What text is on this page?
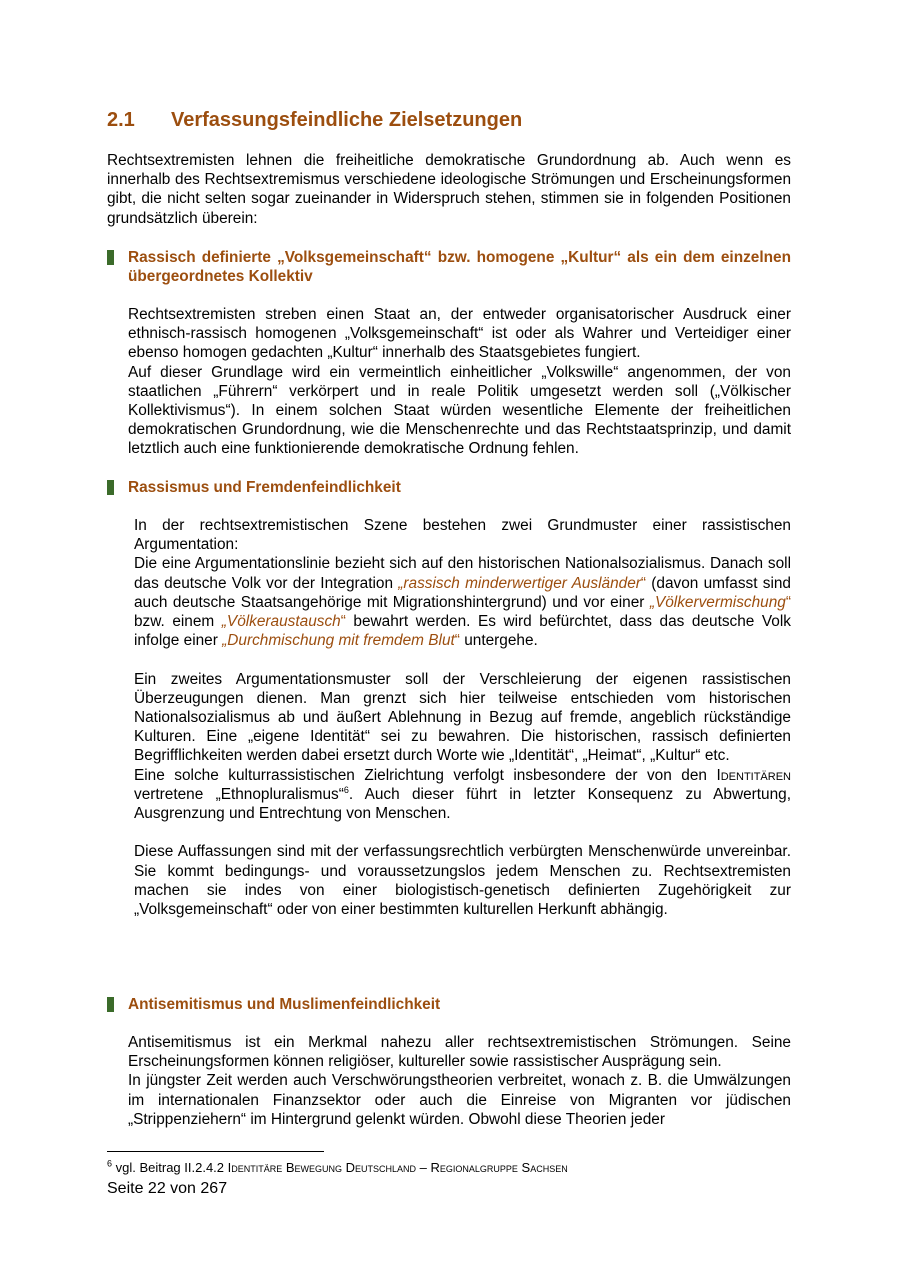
2.1 Verfassungsfeindliche Zielsetzungen

Rechtsextremisten lehnen die freiheitliche demokratische Grundordnung ab. Auch wenn es innerhalb des Rechtsextremismus verschiedene ideologische Strömungen und Erscheinungsformen gibt, die nicht selten sogar zueinander in Widerspruch stehen, stimmen sie in folgenden Positionen grundsätzlich überein:

Rassisch definierte „Volksgemeinschaft“ bzw. homogene „Kultur“ als ein dem einzelnen übergeordnetes Kollektiv

Rechtsextremisten streben einen Staat an, der entweder organisatorischer Ausdruck einer ethnisch-rassisch homogenen „Volksgemeinschaft“ ist oder als Wahrer und Verteidiger einer ebenso homogen gedachten „Kultur“ innerhalb des Staatsgebietes fungiert.

Auf dieser Grundlage wird ein vermeintlich einheitlicher „Volkswille“ angenommen, der von staatlichen „Führern“ verkörpert und in reale Politik umgesetzt werden soll („Völkischer Kollektivismus“). In einem solchen Staat würden wesentliche Elemente der freiheitlichen demokratischen Grundordnung, wie die Menschenrechte und das Rechtstaatsprinzip, und damit letztlich auch eine funktionierende demokratische Ordnung fehlen.

Rassismus und Fremdenfeindlichkeit

In der rechtsextremistischen Szene bestehen zwei Grundmuster einer rassistischen Argumentation:

Die eine Argumentationslinie bezieht sich auf den historischen Nationalsozialismus. Danach soll das deutsche Volk vor der Integration „rassisch minderwertiger Ausländer“ (davon umfasst sind auch deutsche Staatsangehörige mit Migrationshintergrund) und vor einer „Völkervermischung“ bzw. einem „Völkeraustausch“ bewahrt werden. Es wird befürchtet, dass das deutsche Volk infolge einer „Durchmischung mit fremdem Blut“ untergehe.

Ein zweites Argumentationsmuster soll der Verschleierung der eigenen rassistischen Überzeugungen dienen. Man grenzt sich hier teilweise entschieden vom historischen Nationalsozialismus ab und äußert Ablehnung in Bezug auf fremde, angeblich rückständige Kulturen. Eine „eigene Identität“ sei zu bewahren. Die historischen, rassisch definierten Begrifflichkeiten werden dabei ersetzt durch Worte wie „Identität“, „Heimat“, „Kultur“ etc.

Eine solche kulturrassistischen Zielrichtung verfolgt insbesondere der von den Identitären vertretene „Ethnopluralismus“$^6$. Auch dieser führt in letzter Konsequenz zu Abwertung, Ausgrenzung und Entrechtung von Menschen.

Diese Auffassungen sind mit der verfassungsrechtlich verbürgten Menschenwürde unvereinbar. Sie kommt bedingungs- und voraussetzungslos jedem Menschen zu. Rechtsextremisten machen sie indes von einer biologistisch-genetisch definierten Zugehörigkeit zur „Volksgemeinschaft“ oder von einer bestimmten kulturellen Herkunft abhängig.

Antisemitismus und Muslimenfeindlichkeit

Antisemitismus ist ein Merkmal nahezu aller rechtsextremistischen Strömungen. Seine Erscheinungsformen können religiöser, kultureller sowie rassistischer Ausprägung sein.

In jüngster Zeit werden auch Verschwörungstheorien verbreitet, wonach z. B. die Umwälzungen im internationalen Finanzsektor oder auch die Einreise von Migranten vor jüdischen „Strippenziehern“ im Hintergrund gelenkt würden. Obwohl diese Theorien jeder

$^6$ vgl. Beitrag II.2.4.2 Identitäre Bewegung Deutschland – Regionalgruppe Sachsen
Seite 22 von 267
